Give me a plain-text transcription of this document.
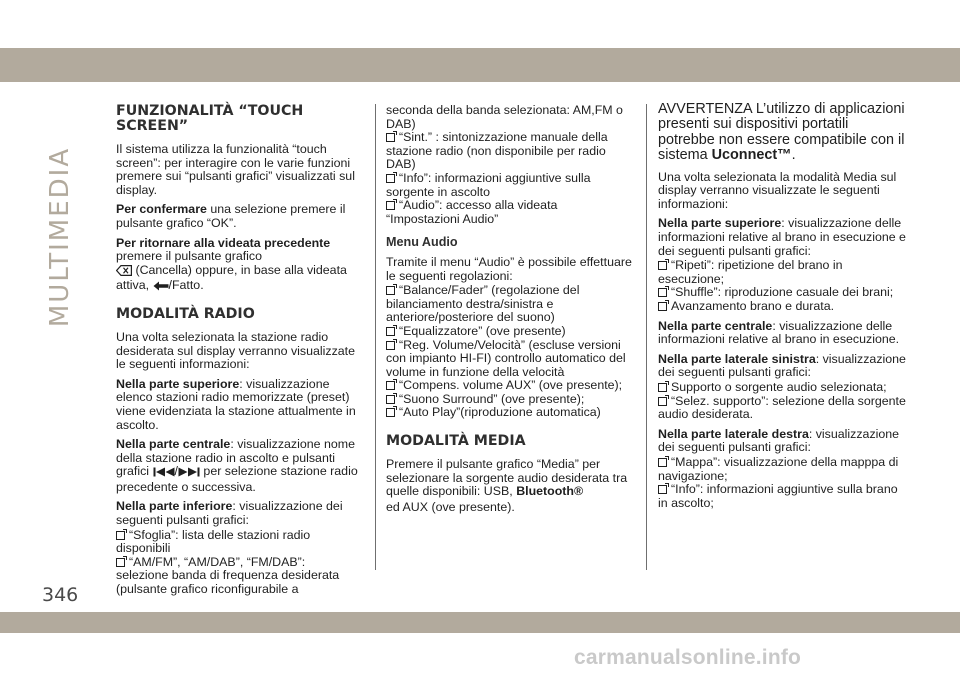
MULTIMEDIA
346
carmanualsonline.info
FUNZIONALITÀ “TOUCH SCREEN”

Il sistema utilizza la funzionalità “touch screen”: per interagire con le varie funzioni premere sui “pulsanti grafici” visualizzati sul display.

Per confermare una selezione premere il pulsante grafico “OK”.

Per ritornare alla videata precedente
premere il pulsante grafico
(Cancella) oppure, in base alla videata attiva, /Fatto.

MODALITÀ RADIO

Una volta selezionata la stazione radio desiderata sul display verranno visualizzate le seguenti informazioni:

Nella parte superiore: visualizzazione elenco stazioni radio memorizzate (preset) viene evidenziata la stazione attualmente in ascolto.

Nella parte centrale: visualizzazione nome della stazione radio in ascolto e pulsanti grafici / per selezione stazione radio precedente o successiva.

Nella parte inferiore: visualizzazione dei seguenti pulsanti grafici:

“Sfoglia”: lista delle stazioni radio disponibili
“AM/FM”, “AM/DAB”, “FM/DAB”: selezione banda di frequenza desiderata (pulsante grafico riconfigurabile a
seconda della banda selezionata: AM,FM o DAB)
“Sint.” : sintonizzazione manuale della stazione radio (non disponibile per radio DAB)
“Info”: informazioni aggiuntive sulla sorgente in ascolto
“Audio”: accesso alla videata “Impostazioni Audio”

Menu Audio

Tramite il menu “Audio” è possibile effettuare le seguenti regolazioni:

“Balance/Fader” (regolazione del bilanciamento destra/sinistra e anteriore/posteriore del suono)
“Equalizzatore” (ove presente)
“Reg. Volume/Velocità” (escluse versioni con impianto HI-FI) controllo automatico del volume in funzione della velocità
“Compens. volume AUX” (ove presente);
“Suono Surround” (ove presente);
“Auto Play”(riproduzione automatica)
MODALITÀ MEDIA

Premere il pulsante grafico “Media” per selezionare la sorgente audio desiderata tra quelle disponibili: USB, Bluetooth®

ed AUX (ove presente).

AVVERTENZA L’utilizzo di applicazioni presenti sui dispositivi portatili potrebbe non essere compatibile con il sistema Uconnect™.

Una volta selezionata la modalità Media sul display verranno visualizzate le seguenti informazioni:

Nella parte superiore: visualizzazione delle informazioni relative al brano in esecuzione e dei seguenti pulsanti grafici:

“Ripeti”: ripetizione del brano in esecuzione;
“Shuffle”: riproduzione casuale dei brani;
Avanzamento brano e durata.

Nella parte centrale: visualizzazione delle informazioni relative al brano in esecuzione.

Nella parte laterale sinistra: visualizzazione dei seguenti pulsanti grafici:

Supporto o sorgente audio selezionata;
“Selez. supporto”: selezione della sorgente audio desiderata.

Nella parte laterale destra: visualizzazione dei seguenti pulsanti grafici:

“Mappa”: visualizzazione della mapppa di navigazione;
“Info”: informazioni aggiuntive sulla brano in ascolto;
